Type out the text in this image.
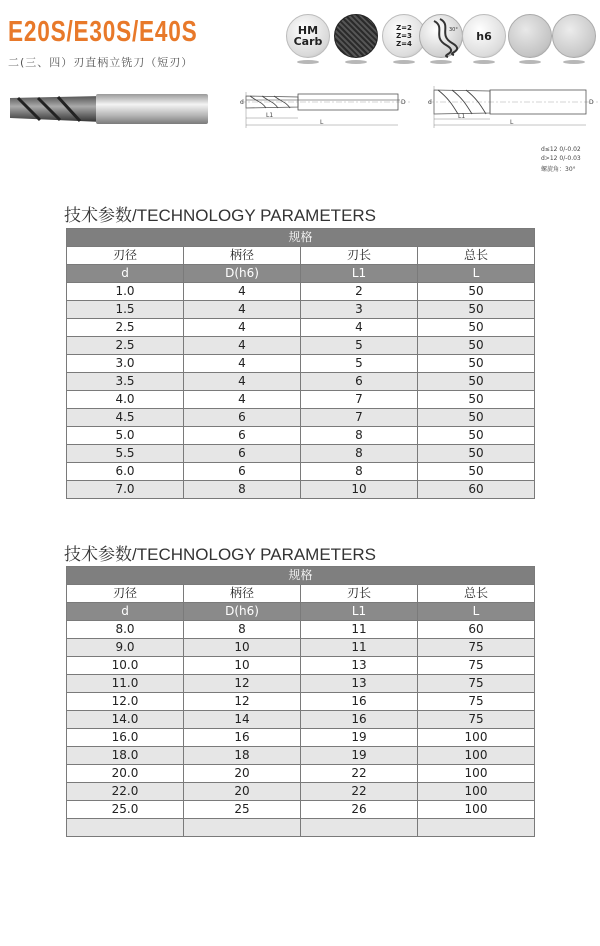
E20S/E30S/E40S
二(三、四）刃直柄立铣刀（短刃）
HM
Carb
Z=2
Z=3
Z=4
30° h6
L1
L
d	D
L1
L
d	D
d≤12 0/-0.02
d>12 0/-0.03
螺旋角：30°
技术参数/TECHNOLOGY PARAMETERS
规格			
刃径	柄径	刃长	总长
d	D(h6)	L1	L
1.0	4	2	50
1.5	4	3	50
2.5	4	4	50
2.5	4	5	50
3.0	4	5	50
3.5	4	6	50
4.0	4	7	50
4.5	6	7	50
5.0	6	8	50
5.5	6	8	50
6.0	6	8	50
7.0	8	10	60
技术参数/TECHNOLOGY PARAMETERS
规格			
刃径	柄径	刃长	总长
d	D(h6)	L1	L
8.0	8	11	60
9.0	10	11	75
10.0	10	13	75
11.0	12	13	75
12.0	12	16	75
14.0	14	16	75
16.0	16	19	100
18.0	18	19	100
20.0	20	22	100
22.0	20	22	100
25.0	25	26	100
